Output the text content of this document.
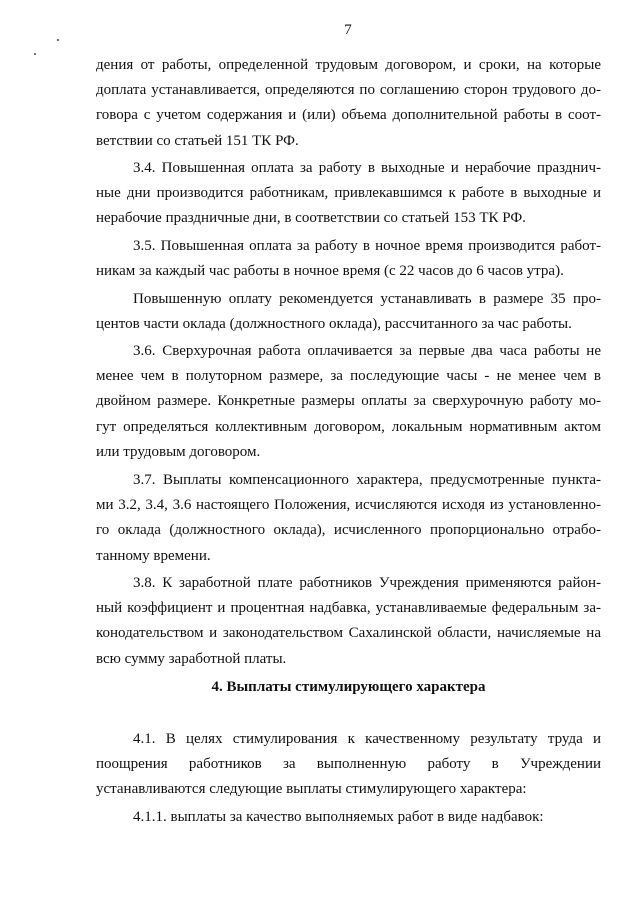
7
дения от работы, определенной трудовым договором, и сроки, на которые
доплата устанавливается, определяются по соглашению сторон трудового до-
говора с учетом содержания и (или) объема дополнительной работы в соот-
ветствии со статьей 151 ТК РФ.
3.4. Повышенная оплата за работу в выходные и нерабочие празднич-
ные дни производится работникам, привлекавшимся к работе в выходные и
нерабочие праздничные дни, в соответствии со статьей 153 ТК РФ.
3.5. Повышенная оплата за работу в ночное время производится работ-
никам за каждый час работы в ночное время (с 22 часов до 6 часов утра).
Повышенную оплату рекомендуется устанавливать в размере 35 про-
центов части оклада (должностного оклада), рассчитанного за час работы.
3.6. Сверхурочная работа оплачивается за первые два часа работы не
менее чем в полуторном размере, за последующие часы - не менее чем в
двойном размере. Конкретные размеры оплаты за сверхурочную работу мо-
гут определяться коллективным договором, локальным нормативным актом
или трудовым договором.
3.7. Выплаты компенсационного характера, предусмотренные пункта-
ми 3.2, 3.4, 3.6 настоящего Положения, исчисляются исходя из установленно-
го оклада (должностного оклада), исчисленного пропорционально отрабо-
танному времени.
3.8. К заработной плате работников Учреждения применяются район-
ный коэффициент и процентная надбавка, устанавливаемые федеральным за-
конодательством и законодательством Сахалинской области, начисляемые на
всю сумму заработной платы.
4. Выплаты стимулирующего характера
4.1. В целях стимулирования к качественному результату труда и
поощрения работников за выполненную работу в Учреждении
устанавливаются следующие выплаты стимулирующего характера:
4.1.1. выплаты за качество выполняемых работ в виде надбавок:
